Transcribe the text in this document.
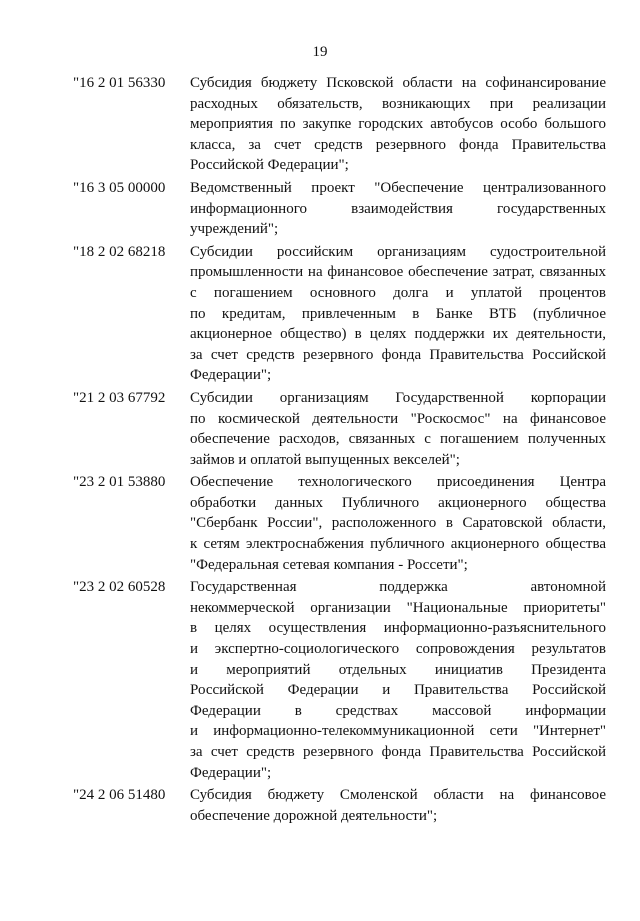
19
"16 2 01 56330 Субсидия бюджету Псковской области на софинансирование
расходных обязательств, возникающих при реализации
мероприятия по закупке городских автобусов особо большого
класса, за счет средств резервного фонда Правительства
Российской Федерации";
"16 3 05 00000 Ведомственный проект "Обеспечение централизованного
информационного взаимодействия государственных
учреждений";
"18 2 02 68218 Субсидии российским организациям судостроительной
промышленности на финансовое обеспечение затрат, связанных
с погашением основного долга и уплатой процентов
по кредитам, привлеченным в Банке ВТБ (публичное
акционерное общество) в целях поддержки их деятельности,
за счет средств резервного фонда Правительства Российской
Федерации";
"21 2 03 67792 Субсидии организациям Государственной корпорации
по космической деятельности "Роскосмос" на финансовое
обеспечение расходов, связанных с погашением полученных
займов и оплатой выпущенных векселей";
"23 2 01 53880 Обеспечение технологического присоединения Центра
обработки данных Публичного акционерного общества
"Сбербанк России", расположенного в Саратовской области,
к сетям электроснабжения публичного акционерного общества
"Федеральная сетевая компания - Россети";
"23 2 02 60528 Государственная поддержка автономной
некоммерческой организации "Национальные приоритеты"
в целях осуществления информационно-разъяснительного
и экспертно-социологического сопровождения результатов
и мероприятий отдельных инициатив Президента
Российской Федерации и Правительства Российской
Федерации в средствах массовой информации
и информационно-телекоммуникационной сети "Интернет"
за счет средств резервного фонда Правительства Российской
Федерации";
"24 2 06 51480 Субсидия бюджету Смоленской области на финансовое
обеспечение дорожной деятельности";
